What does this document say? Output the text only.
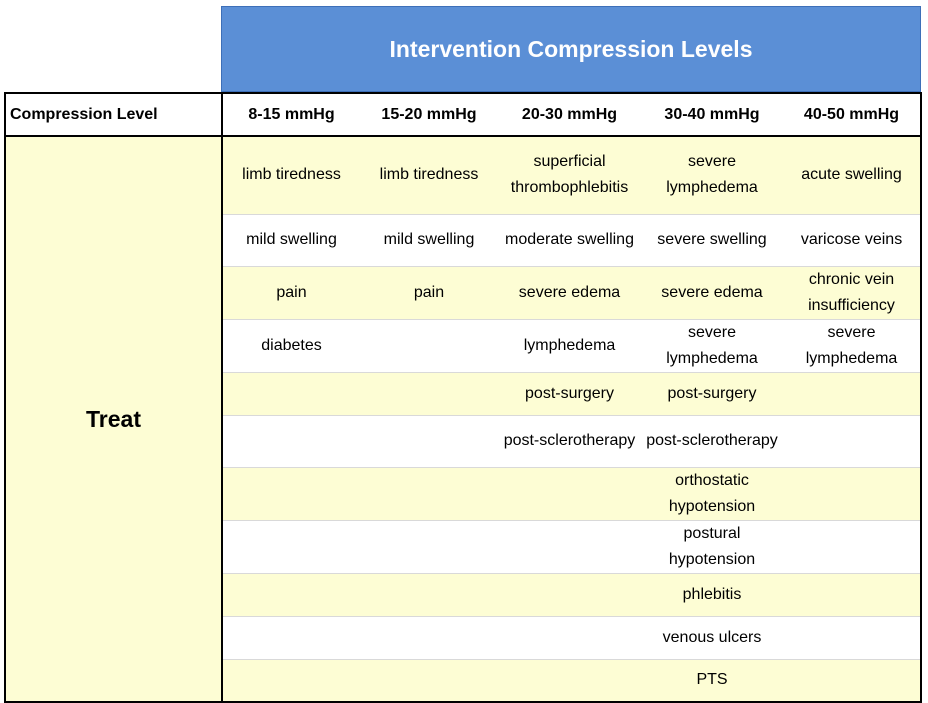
Intervention Compression Levels
Compression Level	8-15 mmHg	15-20 mmHg	20-30 mmHg	30-40 mmHg	40-50 mmHg
Treat	limb tiredness	limb tiredness	superficial thrombophlebitis	severe lymphedema	acute swelling
	mild swelling	mild swelling	moderate swelling	severe swelling	varicose veins
	pain	pain	severe edema	severe edema	chronic vein insufficiency
	diabetes		lymphedema	severe lymphedema	severe lymphedema
			post-surgery	post-surgery	
			post-sclerotherapy	post-sclerotherapy	
				orthostatic hypotension	
				postural hypotension	
				phlebitis	
				venous ulcers	
				PTS	
